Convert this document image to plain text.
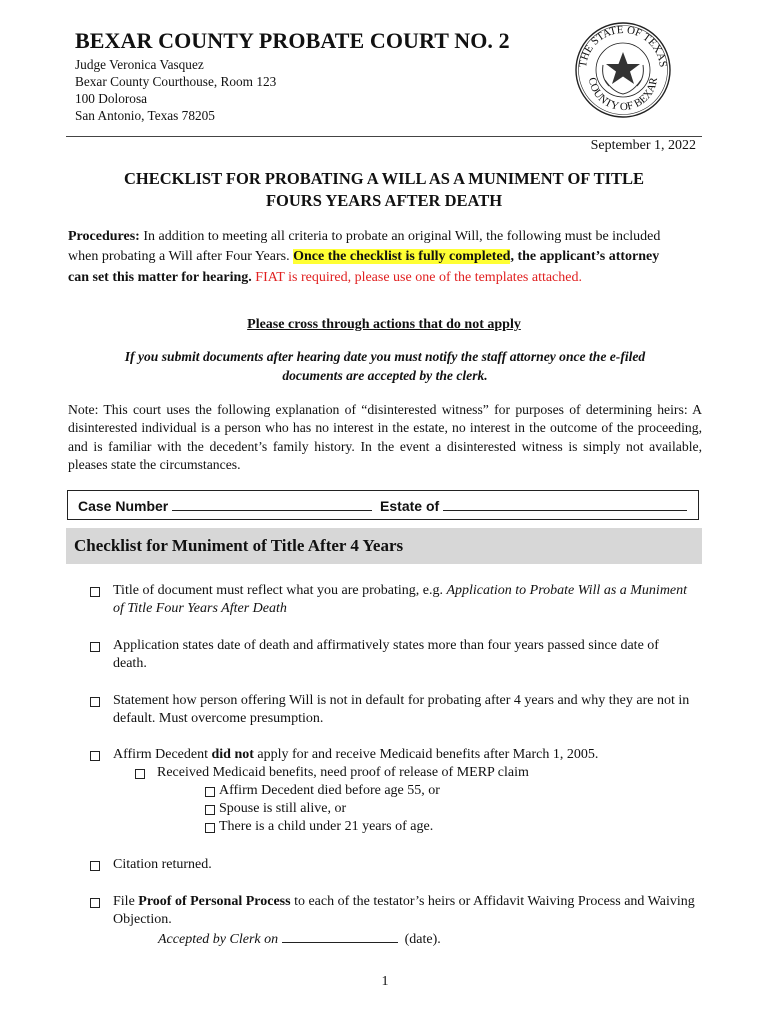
BEXAR COUNTY PROBATE COURT NO. 2
Judge Veronica Vasquez
Bexar County Courthouse, Room 123
100 Dolorosa
San Antonio, Texas 78205
THE STATE OF TEXAS
COUNTY OF BEXAR
September 1, 2022
CHECKLIST FOR PROBATING A WILL AS A MUNIMENT OF TITLE
FOURS YEARS AFTER DEATH
Procedures: In addition to meeting all criteria to probate an original Will, the following must be included when probating a Will after Four Years. Once the checklist is fully completed, the applicant’s attorney can set this matter for hearing. FIAT is required, please use one of the templates attached.
Please cross through actions that do not apply
If you submit documents after hearing date you must notify the staff attorney once the e-filed documents are accepted by the clerk.
Note: This court uses the following explanation of “disinterested witness” for purposes of determining heirs: A disinterested individual is a person who has no interest in the estate, no interest in the outcome of the proceeding, and is familiar with the decedent’s family history. In the event a disinterested witness is simply not available, pleases state the circumstances.
Case Number	Estate of
Checklist for Muniment of Title After 4 Years
Title of document must reflect what you are probating, e.g. Application to Probate Will as a Muniment of Title Four Years After Death
Application states date of death and affirmatively states more than four years passed since date of death.
Statement how person offering Will is not in default for probating after 4 years and why they are not in default. Must overcome presumption.
Affirm Decedent did not apply for and receive Medicaid benefits after March 1, 2005.
Received Medicaid benefits, need proof of release of MERP claim
Affirm Decedent died before age 55, or
Spouse is still alive, or
There is a child under 21 years of age.
Citation returned.
File Proof of Personal Process to each of the testator’s heirs or Affidavit Waiving Process and Waiving Objection.
Accepted by Clerk on	(date).
1
